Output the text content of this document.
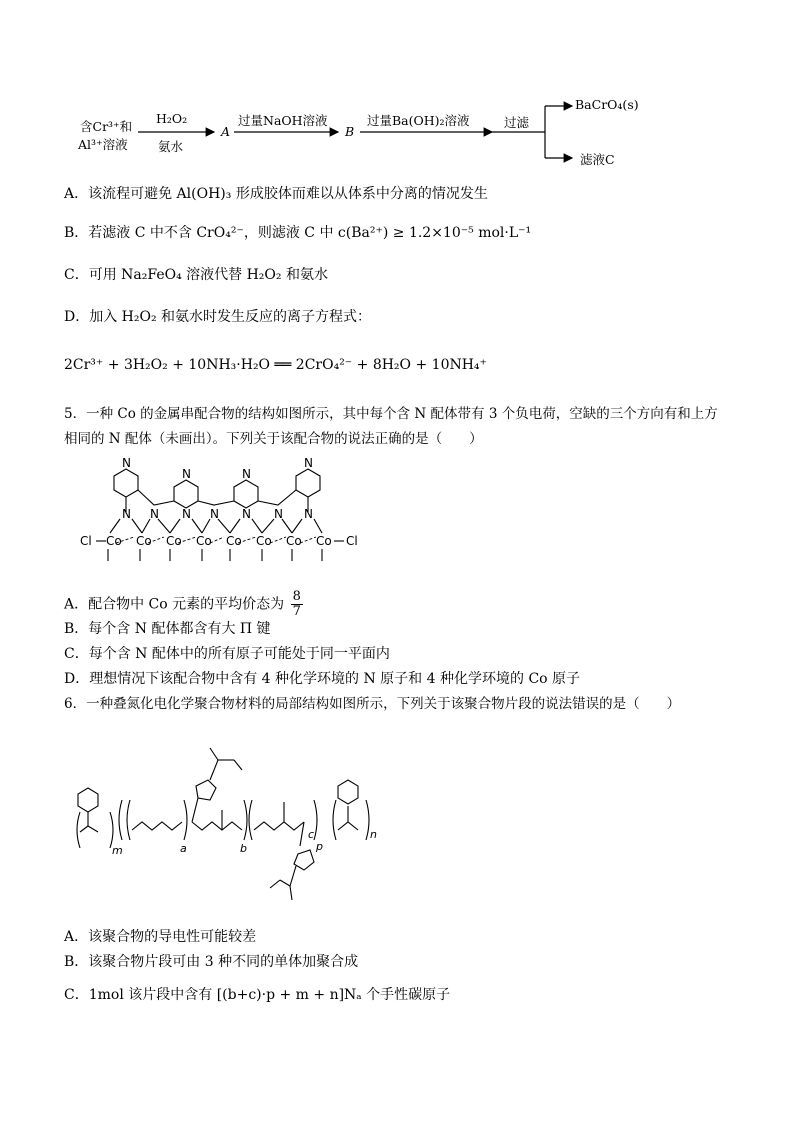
含Cr³⁺和
Al³⁺溶液
H₂O₂
氨水
A
过量NaOH溶液
B
过量Ba(OH)₂溶液	过滤
BaCrO₄(s)
滤液C
A．该流程可避免 Al(OH)₃ 形成胶体而难以从体系中分离的情况发生
B．若滤液 C 中不含 CrO₄²⁻，则滤液 C 中 c(Ba²⁺) ≥ 1.2×10⁻⁵ mol·L⁻¹
C．可用 Na₂FeO₄ 溶液代替 H₂O₂ 和氨水
D．加入 H₂O₂ 和氨水时发生反应的离子方程式：
2Cr³⁺ + 3H₂O₂ + 10NH₃·H₂O ══ 2CrO₄²⁻ + 8H₂O + 10NH₄⁺
5．一种 Co 的金属串配合物的结构如图所示，其中每个含 N 配体带有 3 个负电荷，空缺的三个方向有和上方
相同的 N 配体（未画出）。下列关于该配合物的说法正确的是（　　）
N	N
N	N
N N N N N N N
Cl Co Co Co Co Co Co Co Co Cl
A．配合物中 Co 元素的平均价态为 $\frac{8}{7}$
B．每个含 N 配体都含有大 Π 键
C．每个含 N 配体中的所有原子可能处于同一平面内
D．理想情况下该配合物中含有 4 种化学环境的 N 原子和 4 种化学环境的 Co 原子
6．一种叠氮化电化学聚合物材料的局部结构如图所示，下列关于该聚合物片段的说法错误的是（　　）
m	a	b
c
p
n
A．该聚合物的导电性可能较差
B．该聚合物片段可由 3 种不同的单体加聚合成
C．1mol 该片段中含有 [(b+c)·p + m + n]Nₐ 个手性碳原子
